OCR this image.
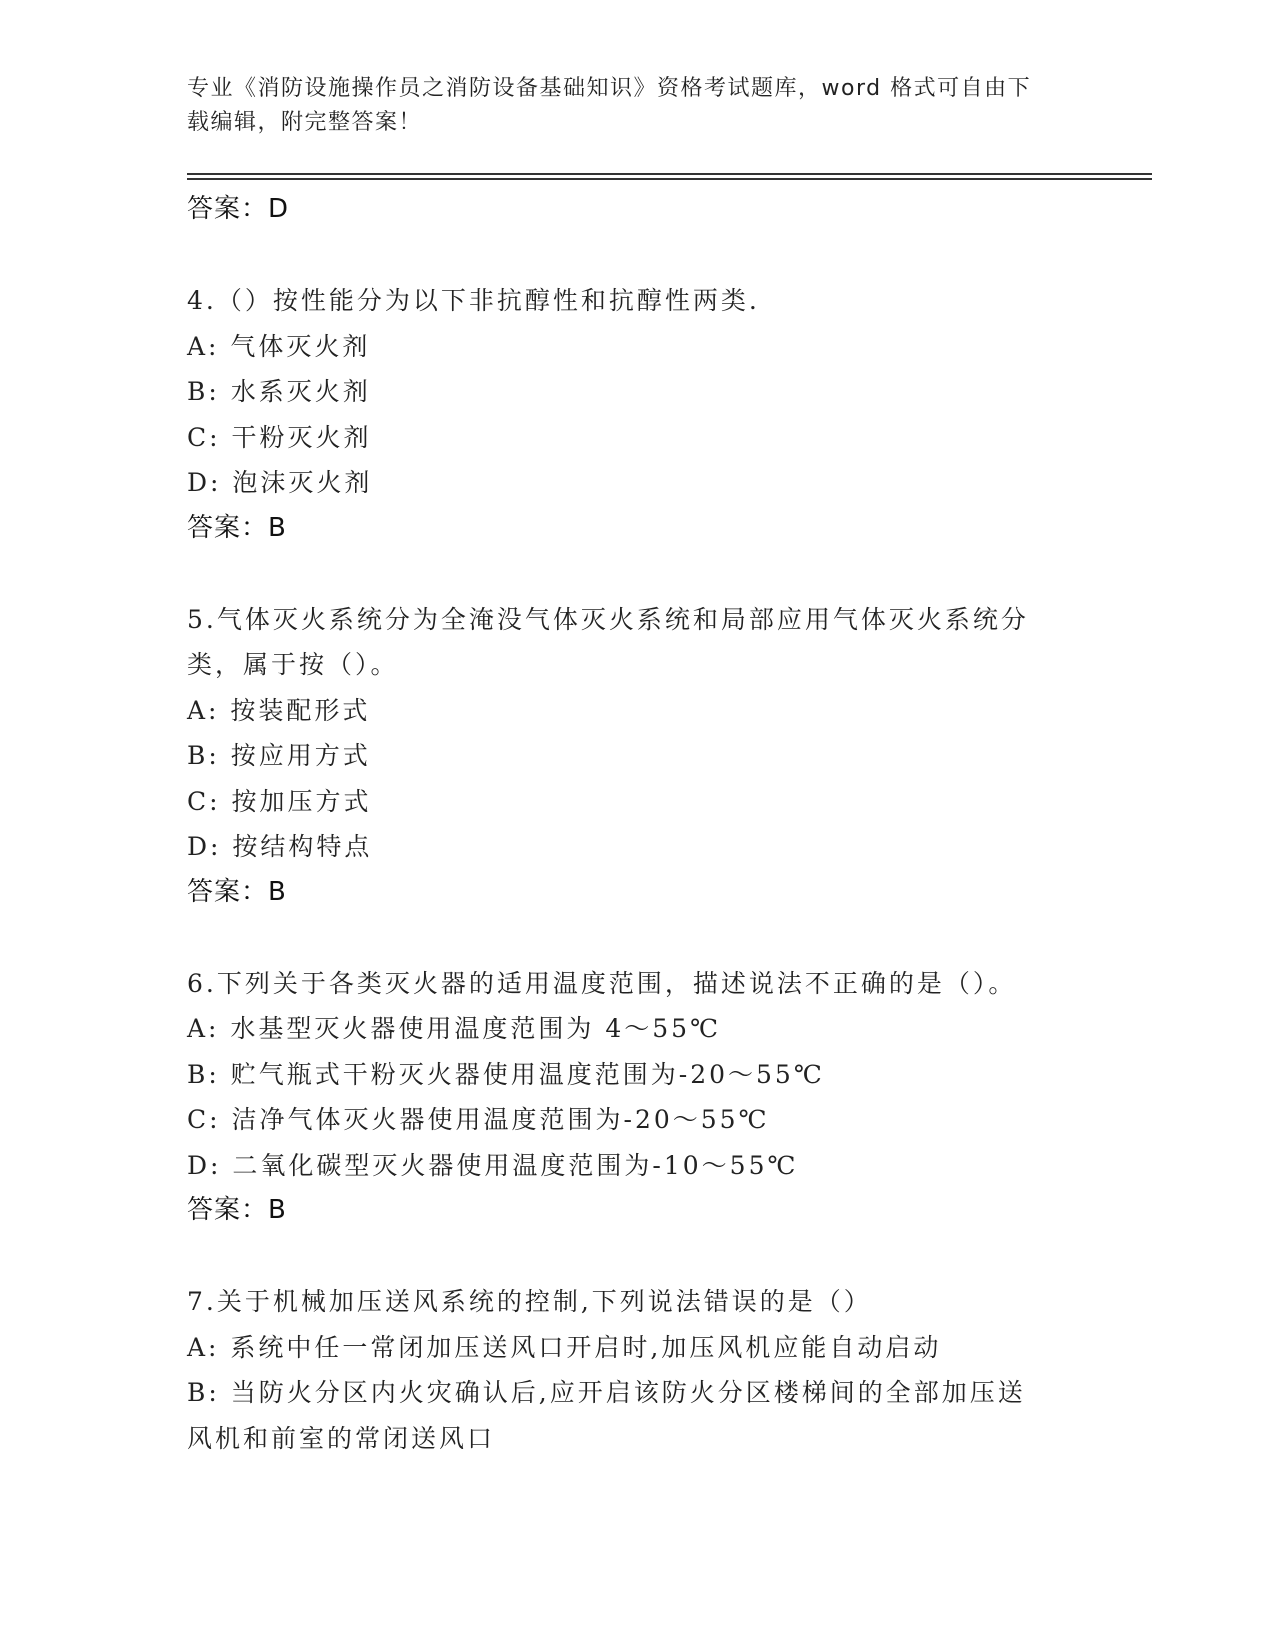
专业《消防设施操作员之消防设备基础知识》资格考试题库，word 格式可自由下
载编辑，附完整答案！
答案：D
4.（）按性能分为以下非抗醇性和抗醇性两类.
A: 气体灭火剂
B: 水系灭火剂
C: 干粉灭火剂
D: 泡沫灭火剂
答案：B
5.气体灭火系统分为全淹没气体灭火系统和局部应用气体灭火系统分
类，属于按（）。
A: 按装配形式
B: 按应用方式
C: 按加压方式
D: 按结构特点
答案：B
6.下列关于各类灭火器的适用温度范围，描述说法不正确的是（）。
A: 水基型灭火器使用温度范围为 4～55℃
B: 贮气瓶式干粉灭火器使用温度范围为-20～55℃
C: 洁净气体灭火器使用温度范围为-20～55℃
D: 二氧化碳型灭火器使用温度范围为-10～55℃
答案：B
7.关于机械加压送风系统的控制,下列说法错误的是（）
A: 系统中任一常闭加压送风口开启时,加压风机应能自动启动
B: 当防火分区内火灾确认后,应开启该防火分区楼梯间的全部加压送
风机和前室的常闭送风口
